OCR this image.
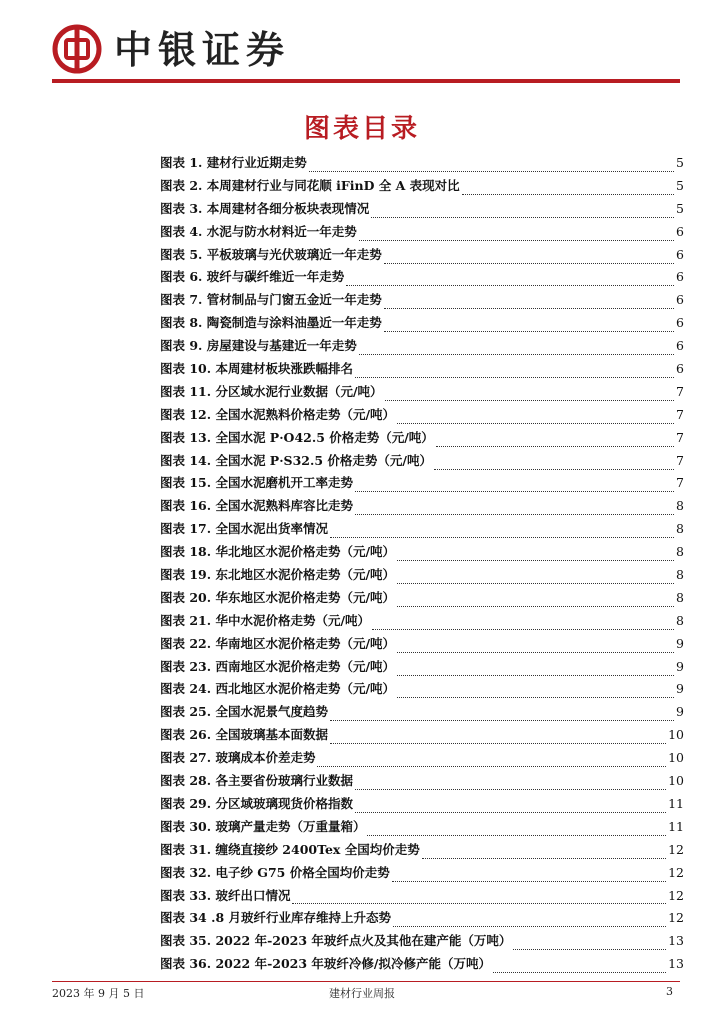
中银证券
图表目录
图表 1. 建材行业近期走势	5
图表 2. 本周建材行业与同花顺 iFinD 全 A 表现对比	5
图表 3. 本周建材各细分板块表现情况	5
图表 4. 水泥与防水材料近一年走势	6
图表 5. 平板玻璃与光伏玻璃近一年走势	6
图表 6. 玻纤与碳纤维近一年走势	6
图表 7. 管材制品与门窗五金近一年走势	6
图表 8. 陶瓷制造与涂料油墨近一年走势	6
图表 9. 房屋建设与基建近一年走势	6
图表 10. 本周建材板块涨跌幅排名	6
图表 11. 分区域水泥行业数据（元/吨）	7
图表 12. 全国水泥熟料价格走势（元/吨）	7
图表 13. 全国水泥 P·O42.5 价格走势（元/吨）	7
图表 14. 全国水泥 P·S32.5 价格走势（元/吨）	7
图表 15. 全国水泥磨机开工率走势	7
图表 16. 全国水泥熟料库容比走势	8
图表 17. 全国水泥出货率情况	8
图表 18. 华北地区水泥价格走势（元/吨）	8
图表 19. 东北地区水泥价格走势（元/吨）	8
图表 20. 华东地区水泥价格走势（元/吨）	8
图表 21. 华中水泥价格走势（元/吨）	8
图表 22. 华南地区水泥价格走势（元/吨）	9
图表 23. 西南地区水泥价格走势（元/吨）	9
图表 24. 西北地区水泥价格走势（元/吨）	9
图表 25. 全国水泥景气度趋势	9
图表 26. 全国玻璃基本面数据	10
图表 27. 玻璃成本价差走势	10
图表 28. 各主要省份玻璃行业数据	10
图表 29. 分区域玻璃现货价格指数	11
图表 30. 玻璃产量走势（万重量箱）	11
图表 31. 缠绕直接纱 2400Tex 全国均价走势	12
图表 32. 电子纱 G75 价格全国均价走势	12
图表 33. 玻纤出口情况	12
图表 34 .8 月玻纤行业库存维持上升态势	12
图表 35. 2022 年-2023 年玻纤点火及其他在建产能（万吨）	13
图表 36. 2022 年-2023 年玻纤冷修/拟冷修产能（万吨）	13
2023 年 9 月 5 日	建材行业周报	3
